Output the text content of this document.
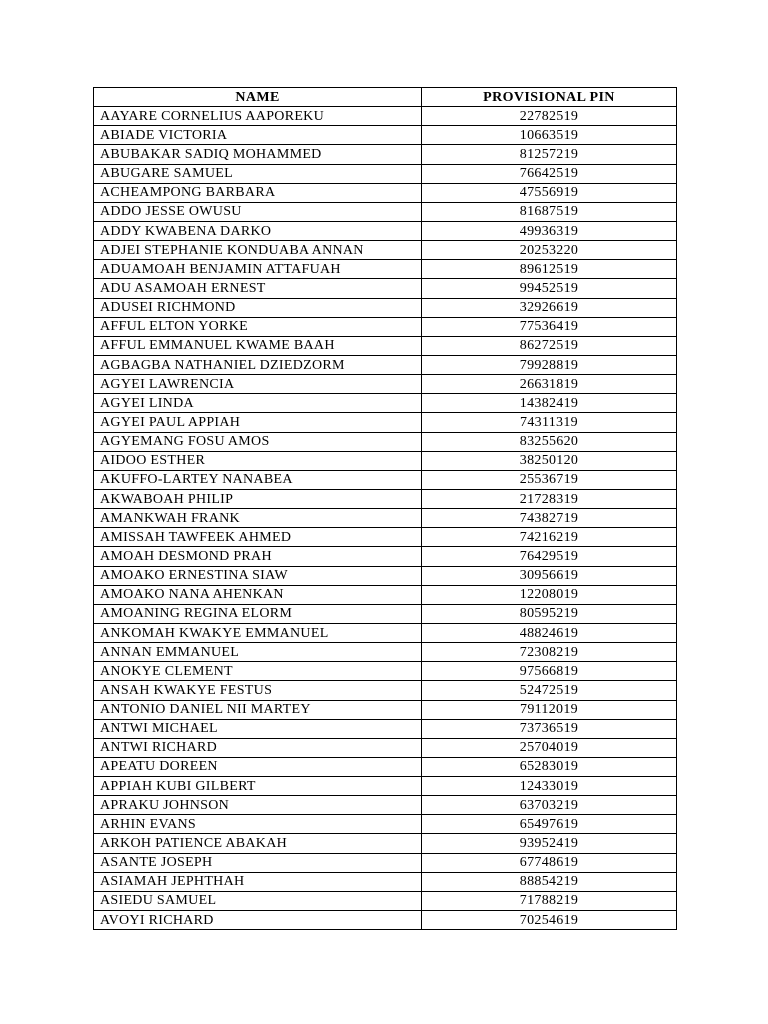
NAME	PROVISIONAL PIN
AAYARE CORNELIUS AAPOREKU	22782519
ABIADE VICTORIA	10663519
ABUBAKAR SADIQ MOHAMMED	81257219
ABUGARE SAMUEL	76642519
ACHEAMPONG BARBARA	47556919
ADDO JESSE OWUSU	81687519
ADDY KWABENA DARKO	49936319
ADJEI STEPHANIE KONDUABA ANNAN	20253220
ADUAMOAH BENJAMIN ATTAFUAH	89612519
ADU ASAMOAH ERNEST	99452519
ADUSEI RICHMOND	32926619
AFFUL ELTON YORKE	77536419
AFFUL EMMANUEL KWAME BAAH	86272519
AGBAGBA NATHANIEL DZIEDZORM	79928819
AGYEI LAWRENCIA	26631819
AGYEI LINDA	14382419
AGYEI PAUL APPIAH	74311319
AGYEMANG FOSU AMOS	83255620
AIDOO ESTHER	38250120
AKUFFO-LARTEY NANABEA	25536719
AKWABOAH PHILIP	21728319
AMANKWAH FRANK	74382719
AMISSAH TAWFEEK AHMED	74216219
AMOAH DESMOND PRAH	76429519
AMOAKO ERNESTINA SIAW	30956619
AMOAKO NANA AHENKAN	12208019
AMOANING REGINA ELORM	80595219
ANKOMAH KWAKYE EMMANUEL	48824619
ANNAN EMMANUEL	72308219
ANOKYE CLEMENT	97566819
ANSAH KWAKYE FESTUS	52472519
ANTONIO DANIEL NII MARTEY	79112019
ANTWI MICHAEL	73736519
ANTWI RICHARD	25704019
APEATU DOREEN	65283019
APPIAH KUBI GILBERT	12433019
APRAKU JOHNSON	63703219
ARHIN EVANS	65497619
ARKOH PATIENCE ABAKAH	93952419
ASANTE JOSEPH	67748619
ASIAMAH JEPHTHAH	88854219
ASIEDU SAMUEL	71788219
AVOYI RICHARD	70254619
